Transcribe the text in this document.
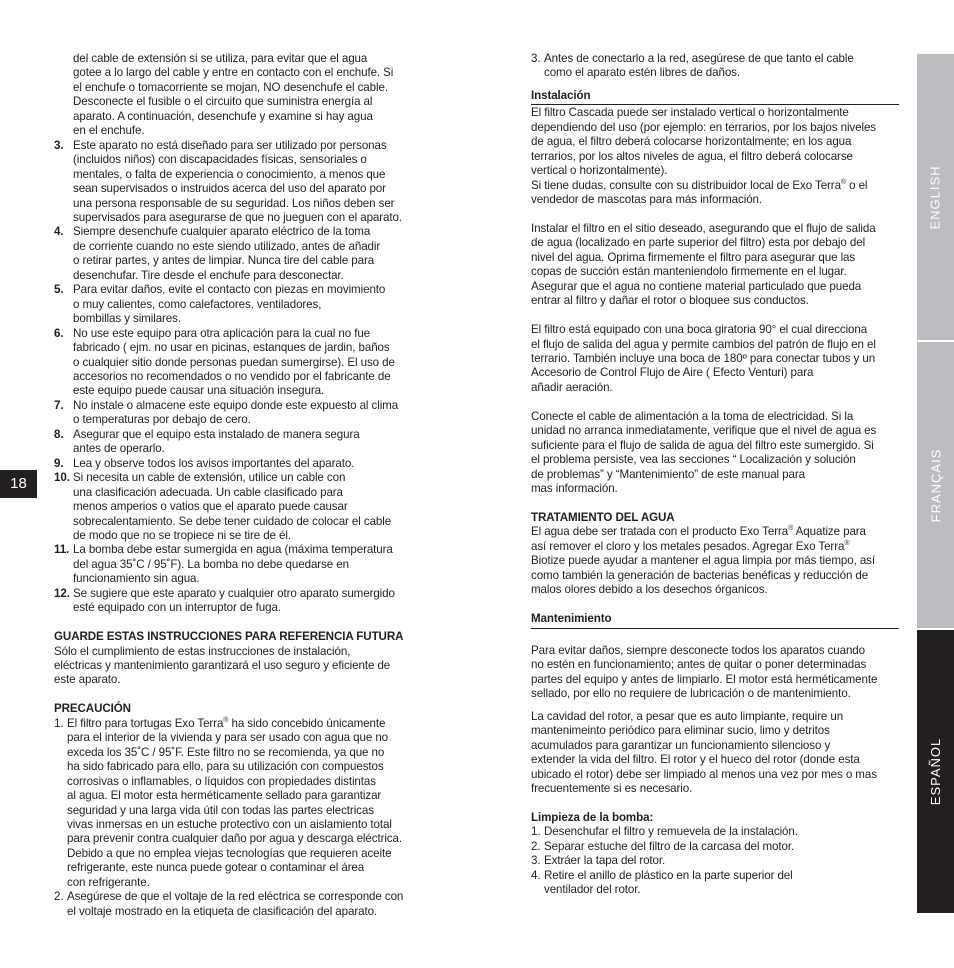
del cable de extensión si se utiliza, para evitar que el agua
gotee a lo largo del cable y entre en contacto con el enchufe. Si
el enchufe o tomacorriente se mojan, NO desenchufe el cable.
Desconecte el fusible o el circuito que suministra energía al
aparato. A continuación, desenchufe y examine si hay agua
en el enchufe.
3. Este aparato no está diseñado para ser utilizado por personas
(incluidos niños) con discapacidades físicas, sensoriales o
mentales, o falta de experiencia o conocimiento, a menos que
sean supervisados o instruidos acerca del uso del aparato por
una persona responsable de su seguridad. Los niños deben ser
supervisados para asegurarse de que no jueguen con el aparato.
4. Siempre desenchufe cualquier aparato eléctrico de la toma
de corriente cuando no este siendo utilizado, antes de añadir
o retirar partes, y antes de limpiar. Nunca tire del cable para
desenchufar. Tire desde el enchufe para desconectar.
5. Para evitar daños, evite el contacto con piezas en movimiento
o muy calientes, como calefactores, ventiladores,
bombillas y similares.
6. No use este equipo para otra aplicación para la cual no fue
fabricado ( ejm. no usar en picinas, estanques de jardin, baños
o cualquier sitio donde personas puedan sumergirse). El uso de
accesorios no recomendados o no vendido por el fabricante de
este equipo puede causar una situación insegura.
7. No instale o almacene este equipo donde este expuesto al clima
o temperaturas por debajo de cero.
8. Asegurar que el equipo esta instalado de manera segura
antes de operarlo.
9. Lea y observe todos los avisos importantes del aparato.
10. Si necesita un cable de extensión, utilice un cable con
una clasificación adecuada. Un cable clasificado para
menos amperios o vatios que el aparato puede causar
sobrecalentamiento. Se debe tener cuidado de colocar el cable
de modo que no se tropiece ni se tire de él.
11. La bomba debe estar sumergida en agua (máxima temperatura
del agua 35˚C / 95˚F). La bomba no debe quedarse en
funcionamiento sin agua.
12. Se sugiere que este aparato y cualquier otro aparato sumergido
esté equipado con un interruptor de fuga.

GUARDE ESTAS INSTRUCCIONES PARA REFERENCIA FUTURA

Sólo el cumplimiento de estas instrucciones de instalación,
eléctricas y mantenimiento garantizará el uso seguro y eficiente de
este aparato.

PRECAUCIÓN

1. El filtro para tortugas Exo Terra® ha sido concebido únicamente
para el interior de la vivienda y para ser usado con agua que no
exceda los 35˚C / 95˚F. Este filtro no se recomienda, ya que no
ha sido fabricado para ello, para su utilización con compuestos
corrosivas o inflamables, o líquidos con propiedades distintas
al agua. El motor esta herméticamente sellado para garantizar
seguridad y una larga vida útil con todas las partes electricas
vivas inmersas en un estuche protectivo con un aislamiento total
para prevenir contra cualquier daño por agua y descarga eléctrica.
Debido a que no emplea viejas tecnologías que requieren aceite
refrigerante, este nunca puede gotear o contaminar el área
con refrigerante.
2. Asegúrese de que el voltaje de la red eléctrica se corresponde con
el voltaje mostrado en la etiqueta de clasificación del aparato.
3. Antes de conectarlo a la red, asegúrese de que tanto el cable
como el aparato estén libres de daños.

Instalación

El filtro Cascada puede ser instalado vertical o horizontalmente
dependiendo del uso (por ejemplo: en terrarios, por los bajos niveles
de agua, el filtro deberá colocarse horizontalmente; en los agua
terrarios, por los altos niveles de agua, el filtro deberá colocarse
vertical o horizontalmente).
Si tiene dudas, consulte con su distribuidor local de Exo Terra® o el
vendedor de mascotas para más información.
Instalar el filtro en el sitio deseado, asegurando que el flujo de salida
de agua (localizado en parte superior del filtro) esta por debajo del
nivel del agua. Oprima firmemente el filtro para asegurar que las
copas de succión están manteniendolo firmemente en el lugar.
Asegurar que el agua no contiene material particulado que pueda
entrar al filtro y dañar el rotor o bloquee sus conductos.
El filtro está equipado con una boca giratoria 90° el cual direcciona
el flujo de salida del agua y permite cambios del patrón de flujo en el
terrario. También incluye una boca de 180º para conectar tubos y un
Accesorio de Control Flujo de Aire ( Efecto Venturi) para
añadir aeración.
Conecte el cable de alimentación a la toma de electricidad. Si la
unidad no arranca inmediatamente, verifique que el nivel de agua es
suficiente para el flujo de salida de agua del filtro este sumergido. Si
el problema persiste, vea las secciones “ Localización y solución
de problemas” y “Mantenimiento” de este manual para
mas información.

TRATAMIENTO DEL AGUA

El agua debe ser tratada con el producto Exo Terra® Aquatize para
así remover el cloro y los metales pesados. Agregar Exo Terra®
Biotize puede ayudar a mantener el agua limpia por más tiempo, así
como también la generación de bacterias benéficas y reducción de
malos olores debido a los desechos órganicos.

Mantenimiento

Para evitar daños, siempre desconecte todos los aparatos cuando
no estén en funcionamiento; antes de quitar o poner determinadas
partes del equipo y antes de limpiarlo. El motor está herméticamente
sellado, por ello no requiere de lubricación o de mantenimiento.
La cavidad del rotor, a pesar que es auto limpiante, require un
mantenimeinto periódico para eliminar sucio, limo y detritos
acumulados para garantizar un funcionamiento silencioso y
extender la vida del filtro. El rotor y el hueco del rotor (donde esta
ubicado el rotor) debe ser limpiado al menos una vez por mes o mas
frecuentemente si es necesario.

Limpieza de la bomba:

1. Desenchufar el filtro y remuevela de la instalación.
2. Separar estuche del filtro de la carcasa del motor.
3. Extráer la tapa del rotor.
4. Retire el anillo de plástico en la parte superior del
ventilador del rotor.
18
ENGLISH
FRANÇAIS
ESPAÑOL
